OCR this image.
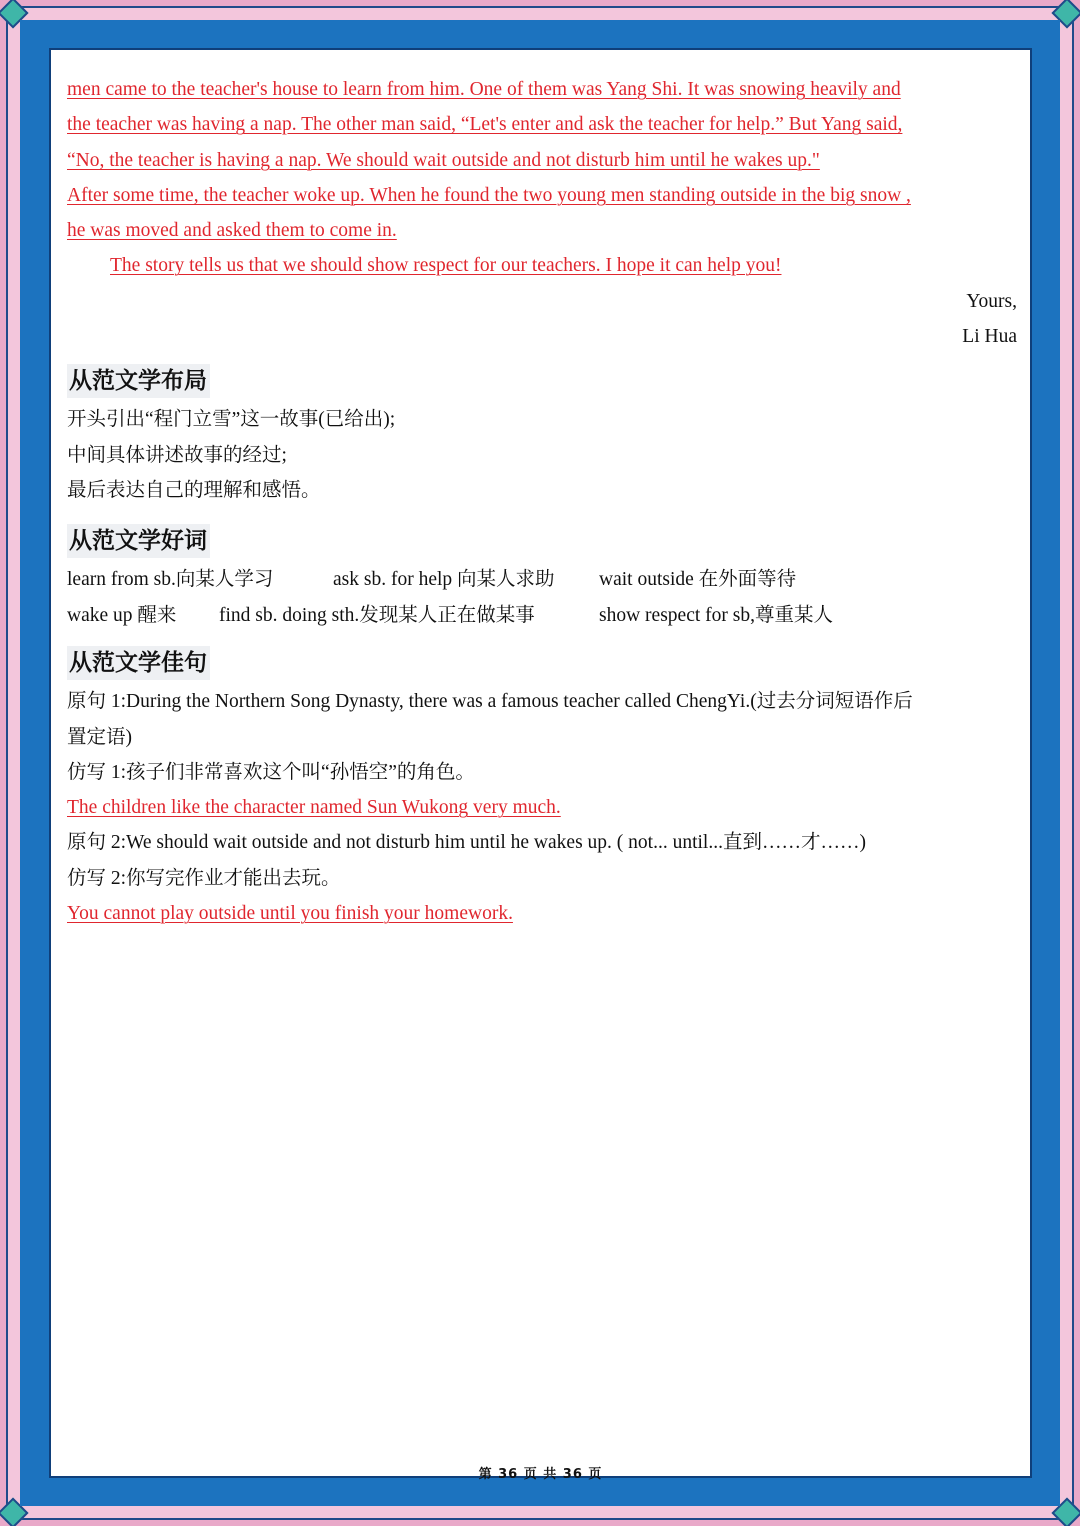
men came to the teacher's house to learn from him. One of them was Yang Shi. It was snowing heavily and
the teacher was having a nap. The other man said, “Let's enter and ask the teacher for help.” But Yang said,
“No, the teacher is having a nap. We should wait outside and not disturb him until he wakes up."
After some time, the teacher woke up. When he found the two young men standing outside in the big snow ,
he was moved and asked them to come in.
The story tells us that we should show respect for our teachers. I hope it can help you!
Yours,
Li Hua
从范文学布局
开头引出“程门立雪”这一故事(已给出);
中间具体讲述故事的经过;
最后表达自己的理解和感悟。
从范文学好词
learn from sb.向某人学习	ask sb. for help 向某人求助	wait outside 在外面等待
wake up 醒来	find sb. doing sth.发现某人正在做某事	show respect for sb,尊重某人
从范文学佳句
原句 1:During the Northern Song Dynasty, there was a famous teacher called ChengYi.(过去分词短语作后
置定语)
仿写 1:孩子们非常喜欢这个叫“孙悟空”的角色。
The children like the character named Sun Wukong very much.
原句 2:We should wait outside and not disturb him until he wakes up. ( not... until...直到……才……)
仿写 2:你写完作业才能出去玩。
You cannot play outside until you finish your homework.
第 36 页 共 36 页
